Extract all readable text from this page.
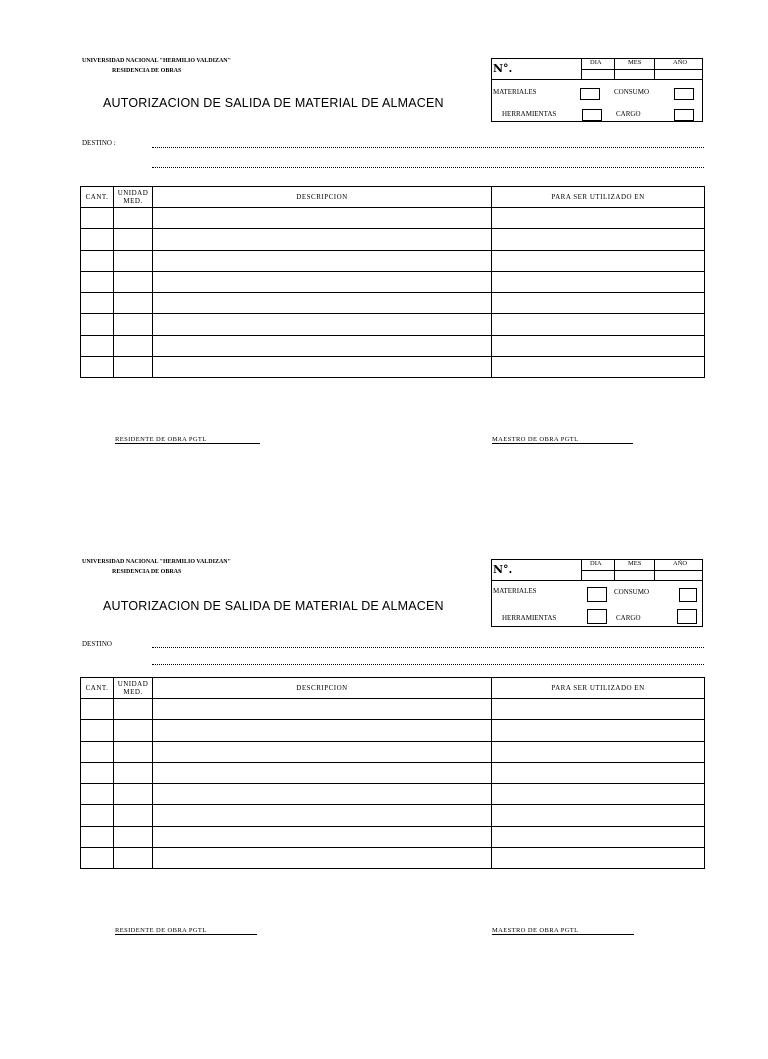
UNIVERSIDAD NACIONAL "HERMILIO VALDIZAN"
RESIDENCIA DE OBRAS
AUTORIZACION DE SALIDA DE MATERIAL DE ALMACEN
N°.	DIA	MES	AÑO
MATERIALES	CONSUMO
HERRAMIENTAS	CARGO
DESTINO :
CANT.	UNIDAD MED.	DESCRIPCION	PARA SER UTILIZADO EN

RESIDENTE DE OBRA PGTL	MAESTRO DE OBRA PGTL
UNIVERSIDAD NACIONAL "HERMILIO VALDIZAN"
RESIDENCIA DE OBRAS
AUTORIZACION DE SALIDA DE MATERIAL DE ALMACEN
N°.	DIA	MES	AÑO
MATERIALES	CONSUMO
HERRAMIENTAS	CARGO
DESTINO
CANT.	UNIDAD MED.	DESCRIPCION	PARA SER UTILIZADO EN

RESIDENTE DE OBRA PGTL	MAESTRO DE OBRA PGTL
